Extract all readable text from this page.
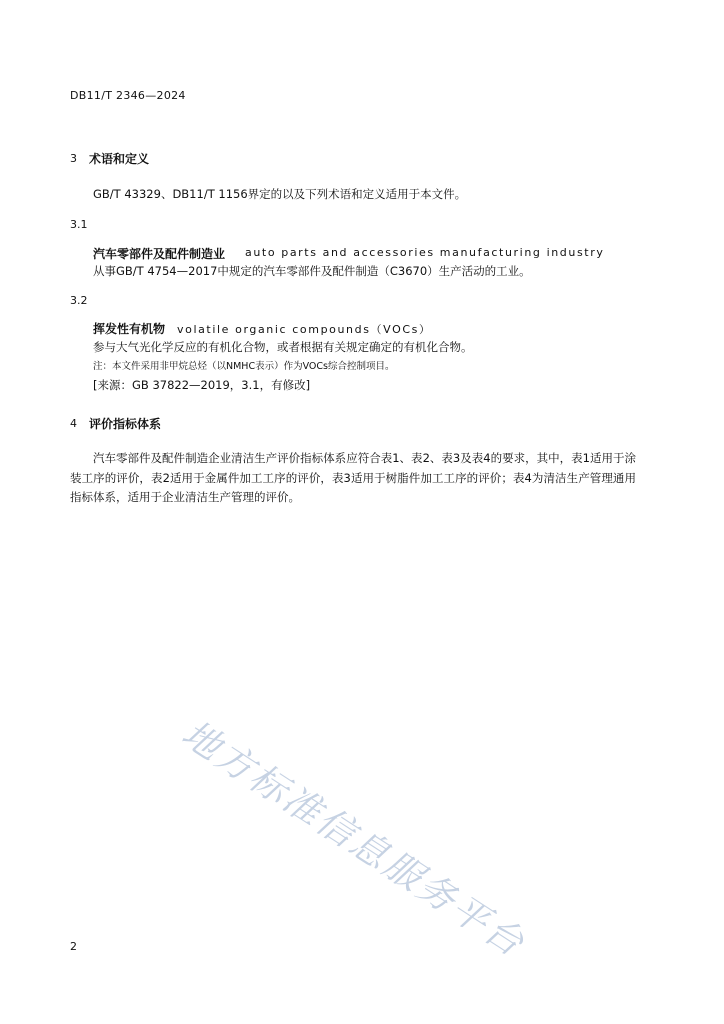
DB11/T 2346—2024
3 术语和定义
GB/T 43329、DB11/T 1156界定的以及下列术语和定义适用于本文件。
3.1
汽车零部件及配件制造业 auto parts and accessories manufacturing industry
从事GB/T 4754—2017中规定的汽车零部件及配件制造（C3670）生产活动的工业。
3.2
挥发性有机物 volatile organic compounds（VOCs）
参与大气光化学反应的有机化合物，或者根据有关规定确定的有机化合物。
注：本文件采用非甲烷总烃（以NMHC表示）作为VOCs综合控制项目。
[来源：GB 37822—2019，3.1，有修改]
4 评价指标体系
汽车零部件及配件制造企业清洁生产评价指标体系应符合表1、表2、表3及表4的要求，其中，表1适用于涂装工序的评价，表2适用于金属件加工工序的评价，表3适用于树脂件加工工序的评价；表4为清洁生产管理通用指标体系，适用于企业清洁生产管理的评价。
地方标准信息服务平台
2
